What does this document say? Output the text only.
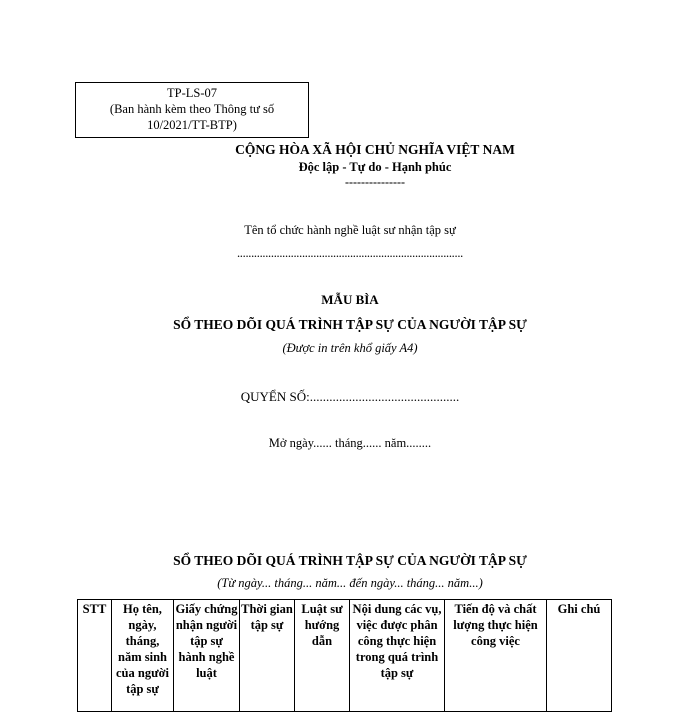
TP-LS-07
(Ban hành kèm theo Thông tư số
10/2021/TT-BTP)
CỘNG HÒA XÃ HỘI CHỦ NGHĨA VIỆT NAM
Độc lập - Tự do - Hạnh phúc
---------------
Tên tổ chức hành nghề luật sư nhận tập sự
................................................................................
MẪU BÌA
SỔ THEO DÕI QUÁ TRÌNH TẬP SỰ CỦA NGƯỜI TẬP SỰ
(Được in trên khổ giấy A4)
QUYỂN SỐ:..............................................
Mở ngày...... tháng...... năm........
SỔ THEO DÕI QUÁ TRÌNH TẬP SỰ CỦA NGƯỜI TẬP SỰ
(Từ ngày... tháng... năm... đến ngày... tháng... năm...)
STT	Họ tên, ngày, tháng, năm sinh của người tập sự	Giấy chứng nhận người tập sự hành nghề luật	Thời gian tập sự	Luật sư hướng dẫn	Nội dung các vụ, việc được phân công thực hiện trong quá trình tập sự	Tiến độ và chất lượng thực hiện công việc	Ghi chú
